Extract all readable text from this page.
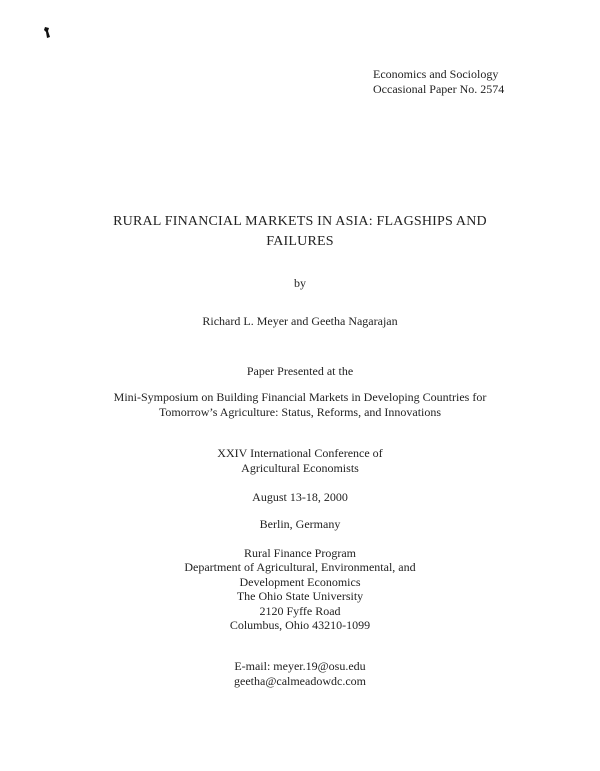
Economics and Sociology
Occasional Paper No. 2574
RURAL FINANCIAL MARKETS IN ASIA: FLAGSHIPS AND
FAILURES
by
Richard L. Meyer and Geetha Nagarajan
Paper Presented at the
Mini-Symposium on Building Financial Markets in Developing Countries for
Tomorrow’s Agriculture: Status, Reforms, and Innovations
XXIV International Conference of
Agricultural Economists
August 13-18, 2000
Berlin, Germany
Rural Finance Program
Department of Agricultural, Environmental, and
Development Economics
The Ohio State University
2120 Fyffe Road
Columbus, Ohio 43210-1099
E-mail: meyer.19@osu.edu
geetha@calmeadowdc.com
